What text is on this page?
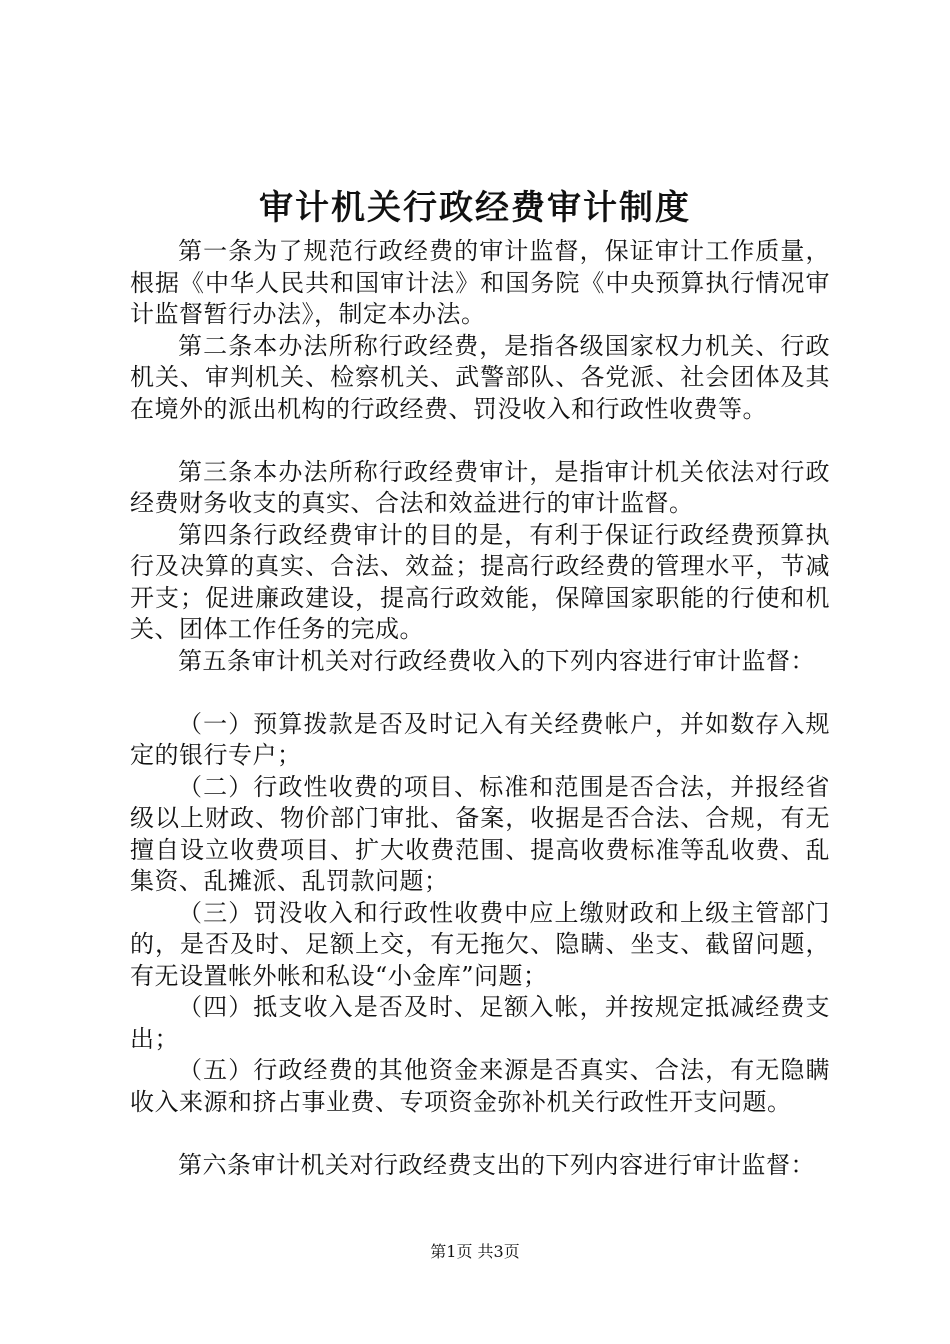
审计机关行政经费审计制度

第一条为了规范行政经费的审计监督，保证审计工作质量，根据《中华人民共和国审计法》和国务院《中央预算执行情况审计监督暂行办法》，制定本办法。

第二条本办法所称行政经费，是指各级国家权力机关、行政机关、审判机关、检察机关、武警部队、各党派、社会团体及其在境外的派出机构的行政经费、罚没收入和行政性收费等。

第三条本办法所称行政经费审计，是指审计机关依法对行政经费财务收支的真实、合法和效益进行的审计监督。

第四条行政经费审计的目的是，有利于保证行政经费预算执行及决算的真实、合法、效益；提高行政经费的管理水平，节减开支；促进廉政建设，提高行政效能，保障国家职能的行使和机关、团体工作任务的完成。

第五条审计机关对行政经费收入的下列内容进行审计监督：

（一）预算拨款是否及时记入有关经费帐户，并如数存入规定的银行专户；

（二）行政性收费的项目、标准和范围是否合法，并报经省级以上财政、物价部门审批、备案，收据是否合法、合规，有无擅自设立收费项目、扩大收费范围、提高收费标准等乱收费、乱集资、乱摊派、乱罚款问题；

（三）罚没收入和行政性收费中应上缴财政和上级主管部门的，是否及时、足额上交，有无拖欠、隐瞒、坐支、截留问题，有无设置帐外帐和私设“小金库”问题；

（四）抵支收入是否及时、足额入帐，并按规定抵减经费支出；

（五）行政经费的其他资金来源是否真实、合法，有无隐瞒收入来源和挤占事业费、专项资金弥补机关行政性开支问题。

第六条审计机关对行政经费支出的下列内容进行审计监督：

第1页 共3页
